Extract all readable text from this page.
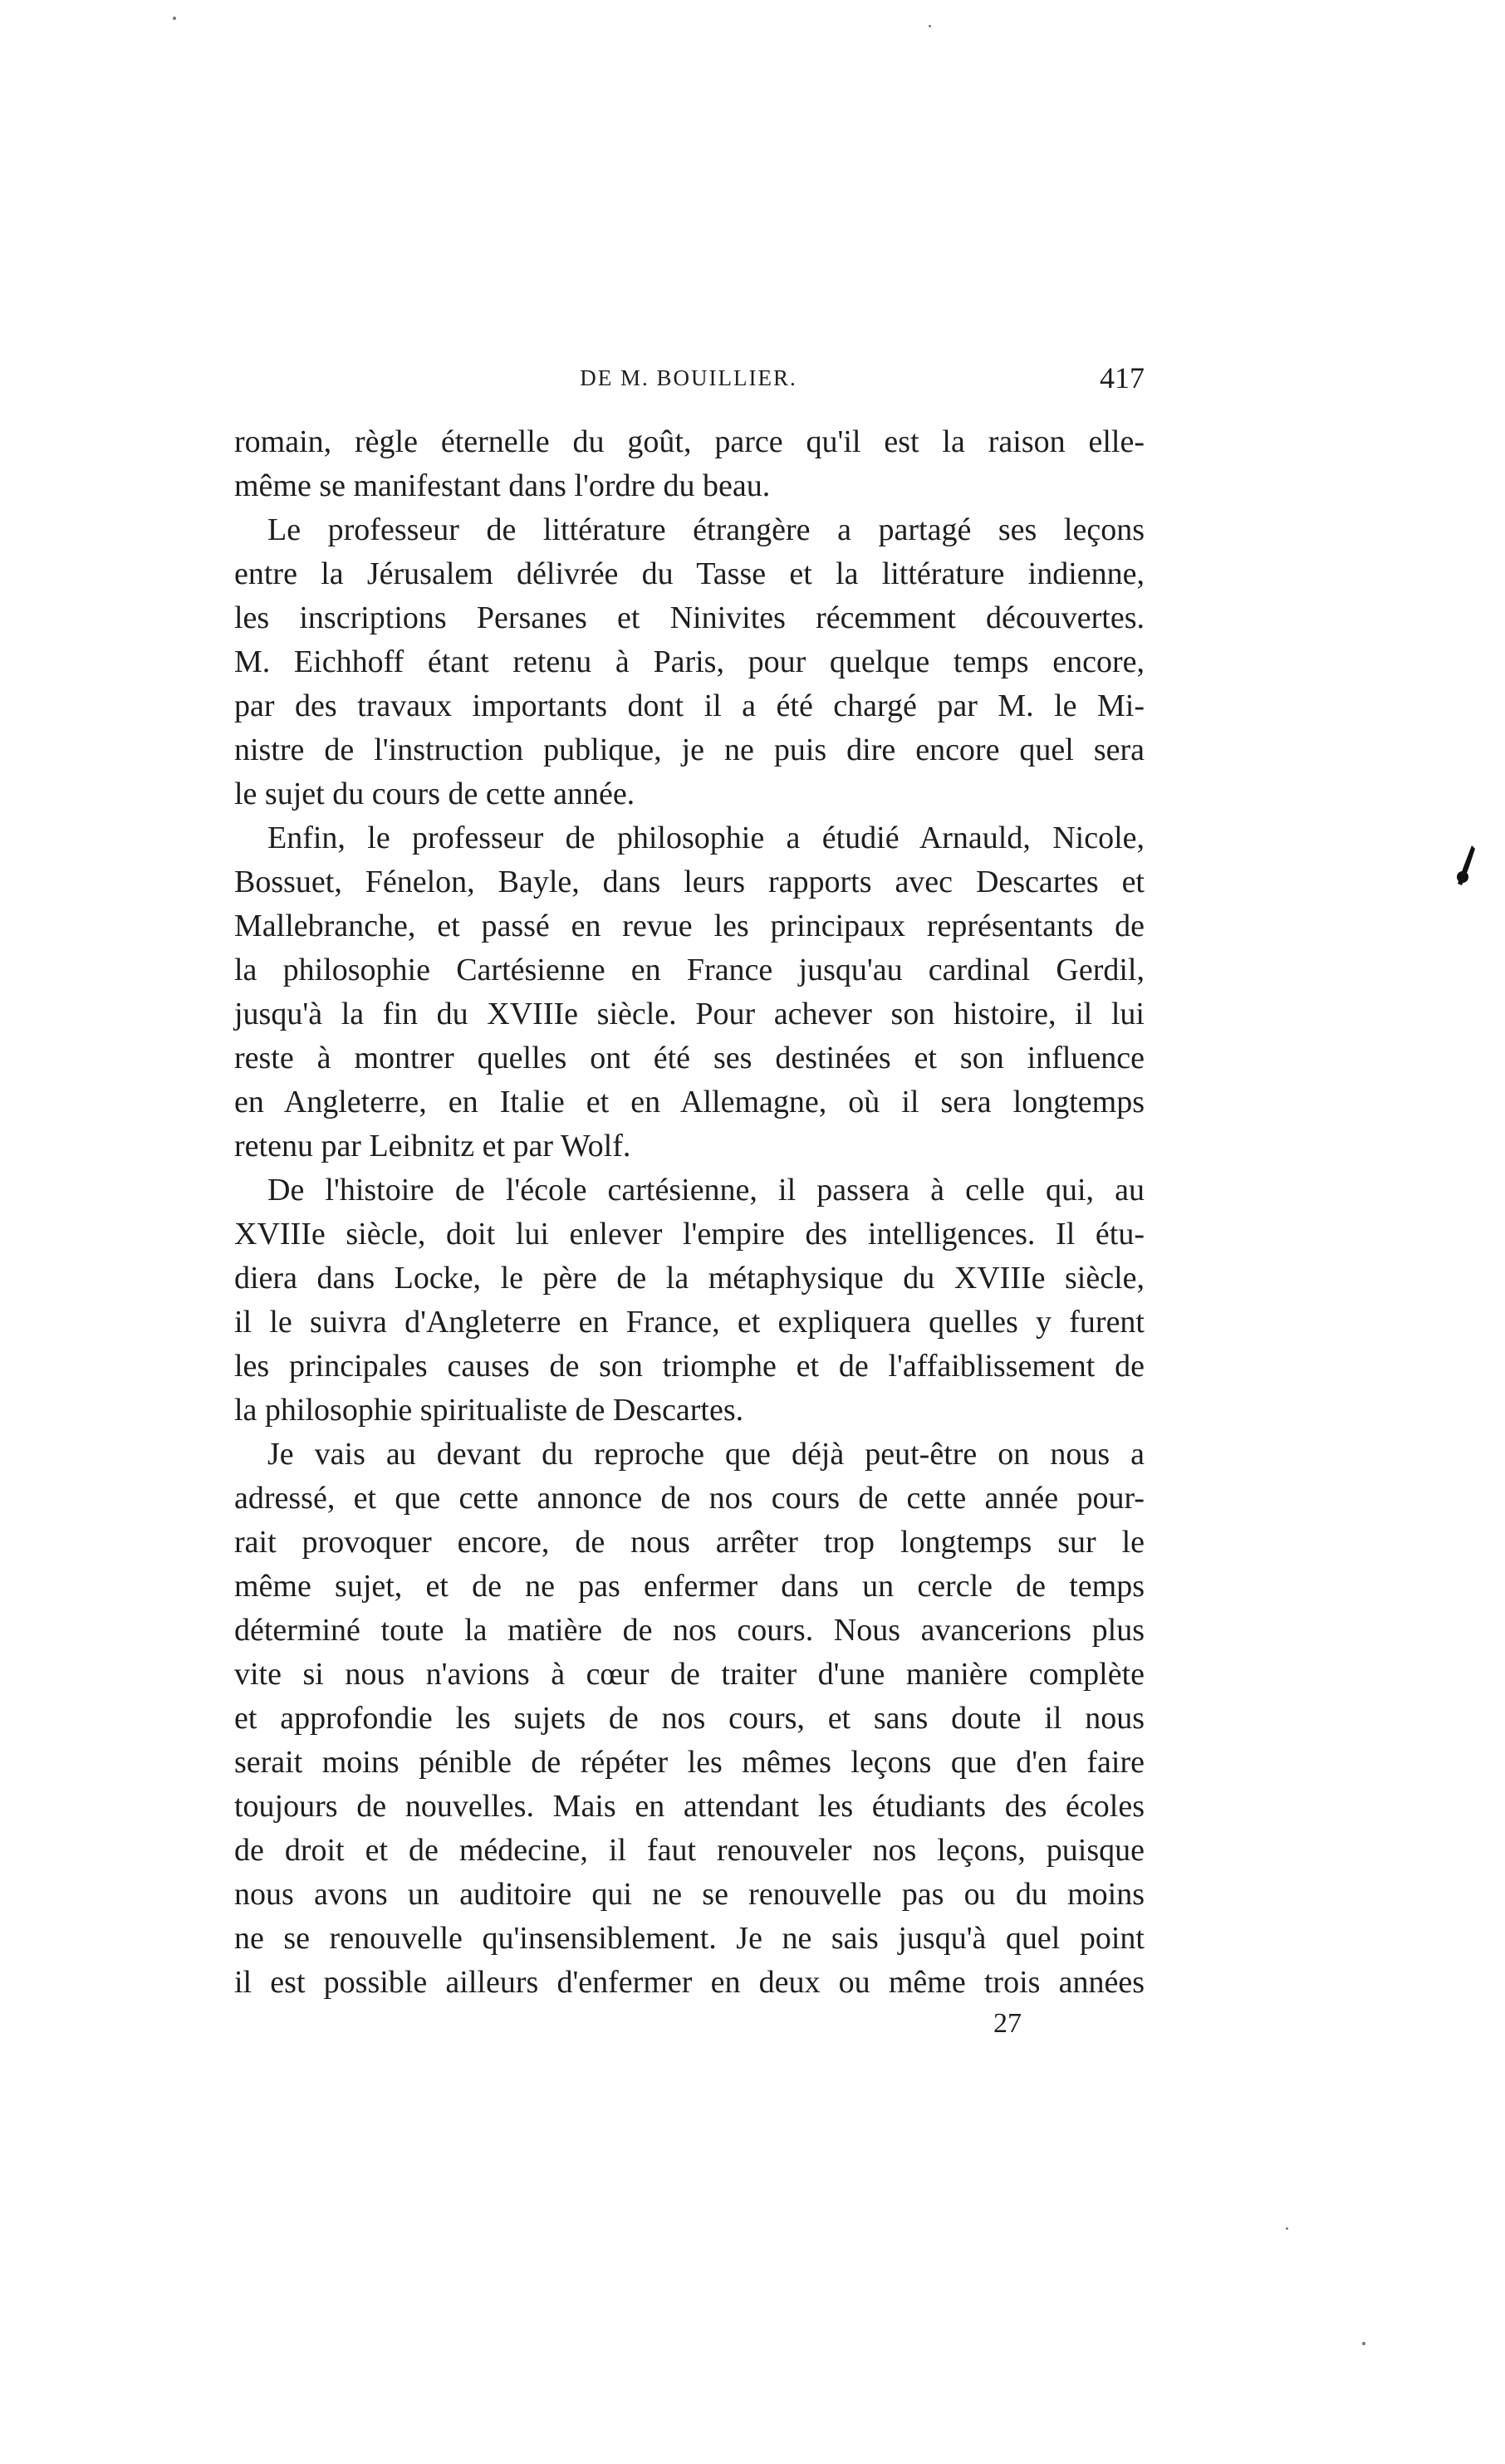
DE M. BOUILLIER.	417
romain, règle éternelle du goût, parce qu'il est la raison elle-
même se manifestant dans l'ordre du beau.
Le professeur de littérature étrangère a partagé ses leçons
entre la Jérusalem délivrée du Tasse et la littérature indienne,
les inscriptions Persanes et Ninivites récemment découvertes.
M. Eichhoff étant retenu à Paris, pour quelque temps encore,
par des travaux importants dont il a été chargé par M. le Mi-
nistre de l'instruction publique, je ne puis dire encore quel sera
le sujet du cours de cette année.
Enfin, le professeur de philosophie a étudié Arnauld, Nicole,
Bossuet, Fénelon, Bayle, dans leurs rapports avec Descartes et
Mallebranche, et passé en revue les principaux représentants de
la philosophie Cartésienne en France jusqu'au cardinal Gerdil,
jusqu'à la fin du XVIIIe siècle. Pour achever son histoire, il lui
reste à montrer quelles ont été ses destinées et son influence
en Angleterre, en Italie et en Allemagne, où il sera longtemps
retenu par Leibnitz et par Wolf.
De l'histoire de l'école cartésienne, il passera à celle qui, au
XVIIIe siècle, doit lui enlever l'empire des intelligences. Il étu-
diera dans Locke, le père de la métaphysique du XVIIIe siècle,
il le suivra d'Angleterre en France, et expliquera quelles y furent
les principales causes de son triomphe et de l'affaiblissement de
la philosophie spiritualiste de Descartes.
Je vais au devant du reproche que déjà peut-être on nous a
adressé, et que cette annonce de nos cours de cette année pour-
rait provoquer encore, de nous arrêter trop longtemps sur le
même sujet, et de ne pas enfermer dans un cercle de temps
déterminé toute la matière de nos cours. Nous avancerions plus
vite si nous n'avions à cœur de traiter d'une manière complète
et approfondie les sujets de nos cours, et sans doute il nous
serait moins pénible de répéter les mêmes leçons que d'en faire
toujours de nouvelles. Mais en attendant les étudiants des écoles
de droit et de médecine, il faut renouveler nos leçons, puisque
nous avons un auditoire qui ne se renouvelle pas ou du moins
ne se renouvelle qu'insensiblement. Je ne sais jusqu'à quel point
il est possible ailleurs d'enfermer en deux ou même trois années
27
